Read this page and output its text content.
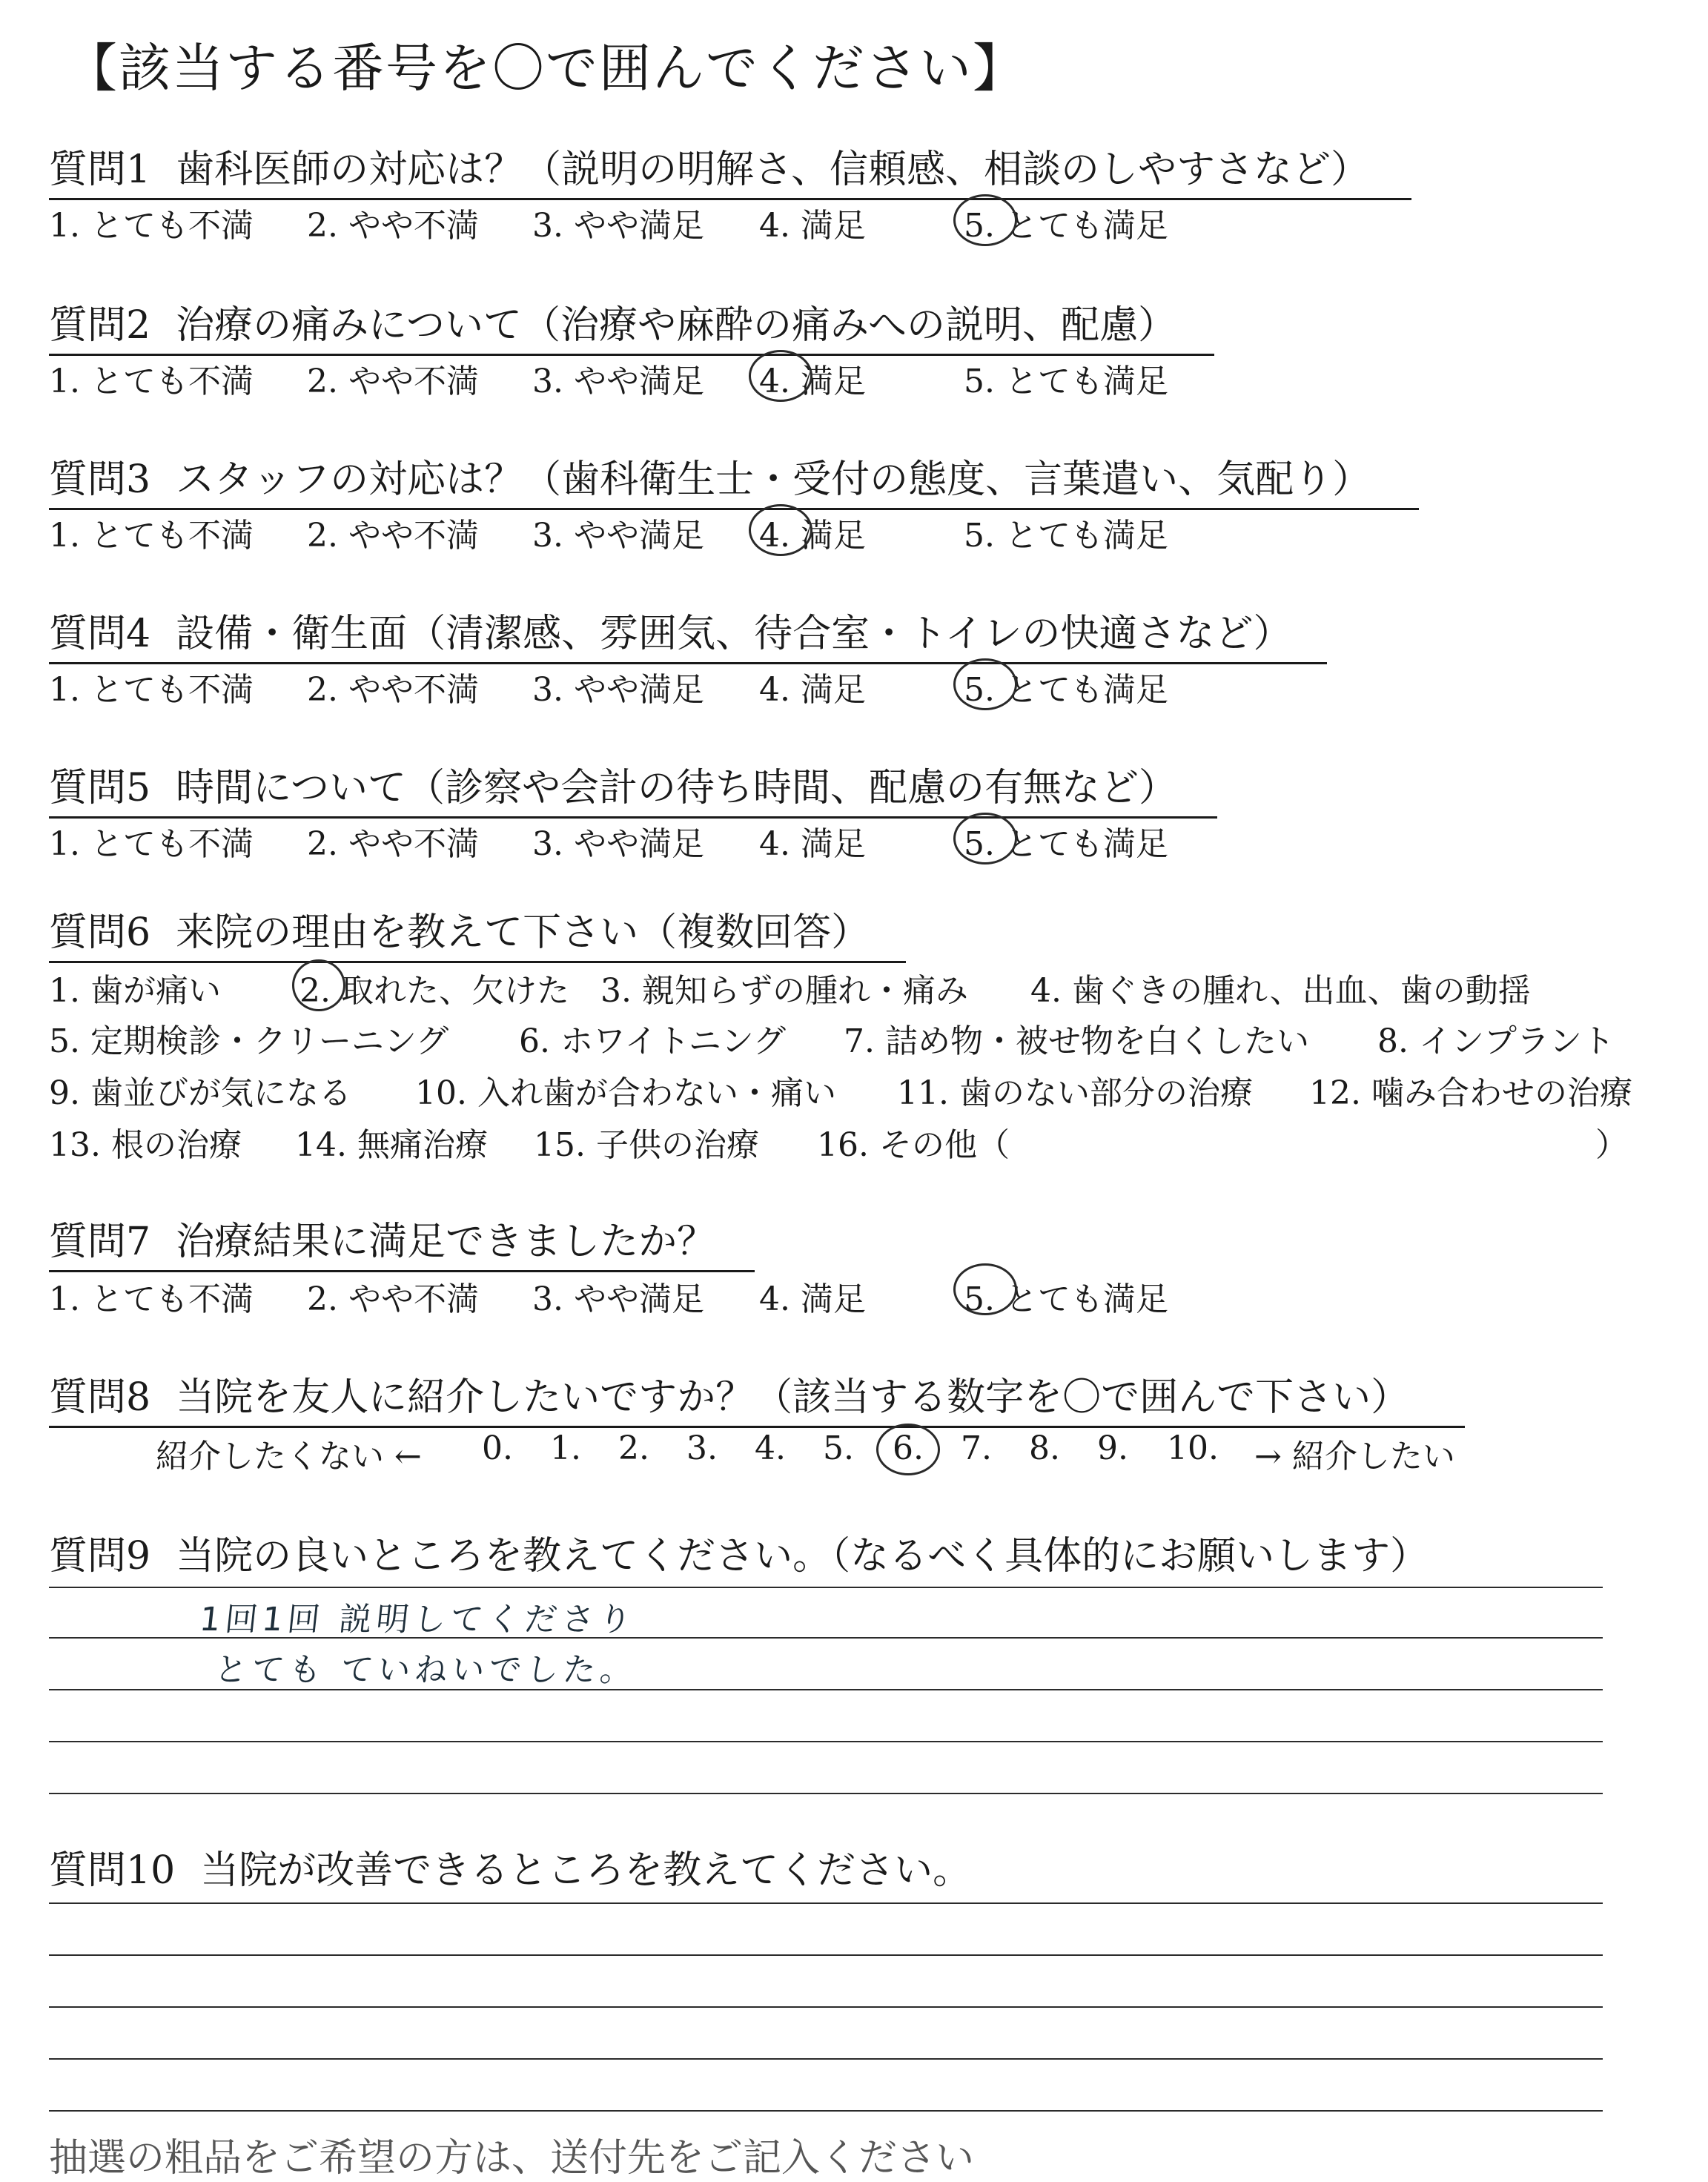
【該当する番号を〇で囲んでください】
質問1 歯科医師の対応は？（説明の明解さ、信頼感、相談のしやすさなど）
1. とても不満 2. やや不満 3. やや満足 4. 満足	5. とても満足
質問2 治療の痛みについて（治療や麻酔の痛みへの説明、配慮）
1. とても不満 2. やや不満 3. やや満足 4. 満足	5. とても満足
質問3 スタッフの対応は？（歯科衛生士・受付の態度、言葉遣い、気配り）
1. とても不満 2. やや不満 3. やや満足 4. 満足	5. とても満足
質問4 設備・衛生面（清潔感、雰囲気、待合室・トイレの快適さなど）
1. とても不満 2. やや不満 3. やや満足 4. 満足	5. とても満足
質問5 時間について（診察や会計の待ち時間、配慮の有無など）
1. とても不満 2. やや不満 3. やや満足 4. 満足	5. とても満足
質問6 来院の理由を教えて下さい（複数回答）
1. 歯が痛い 2. 取れた、欠けた 3. 親知らずの腫れ・痛み 4. 歯ぐきの腫れ、出血、歯の動揺
5. 定期検診・クリーニング 6. ホワイトニング 7. 詰め物・被せ物を白くしたい 8. インプラント
9. 歯並びが気になる 10. 入れ歯が合わない・痛い 11. 歯のない部分の治療 12. 噛み合わせの治療
13. 根の治療 14. 無痛治療 15. 子供の治療 16. その他（	）
質問7 治療結果に満足できましたか？
1. とても不満 2. やや不満 3. やや満足 4. 満足	5. とても満足
質問8 当院を友人に紹介したいですか？（該当する数字を〇で囲んで下さい）
紹介したくない ← 0. 1. 2. 3. 4. 5. 6. 7. 8. 9. 10. → 紹介したい
質問9 当院の良いところを教えてください。（なるべく具体的にお願いします）
1回1回 説明してくださり
とても ていねいでした。
質問10 当院が改善できるところを教えてください。
抽選の粗品をご希望の方は、送付先をご記入ください
